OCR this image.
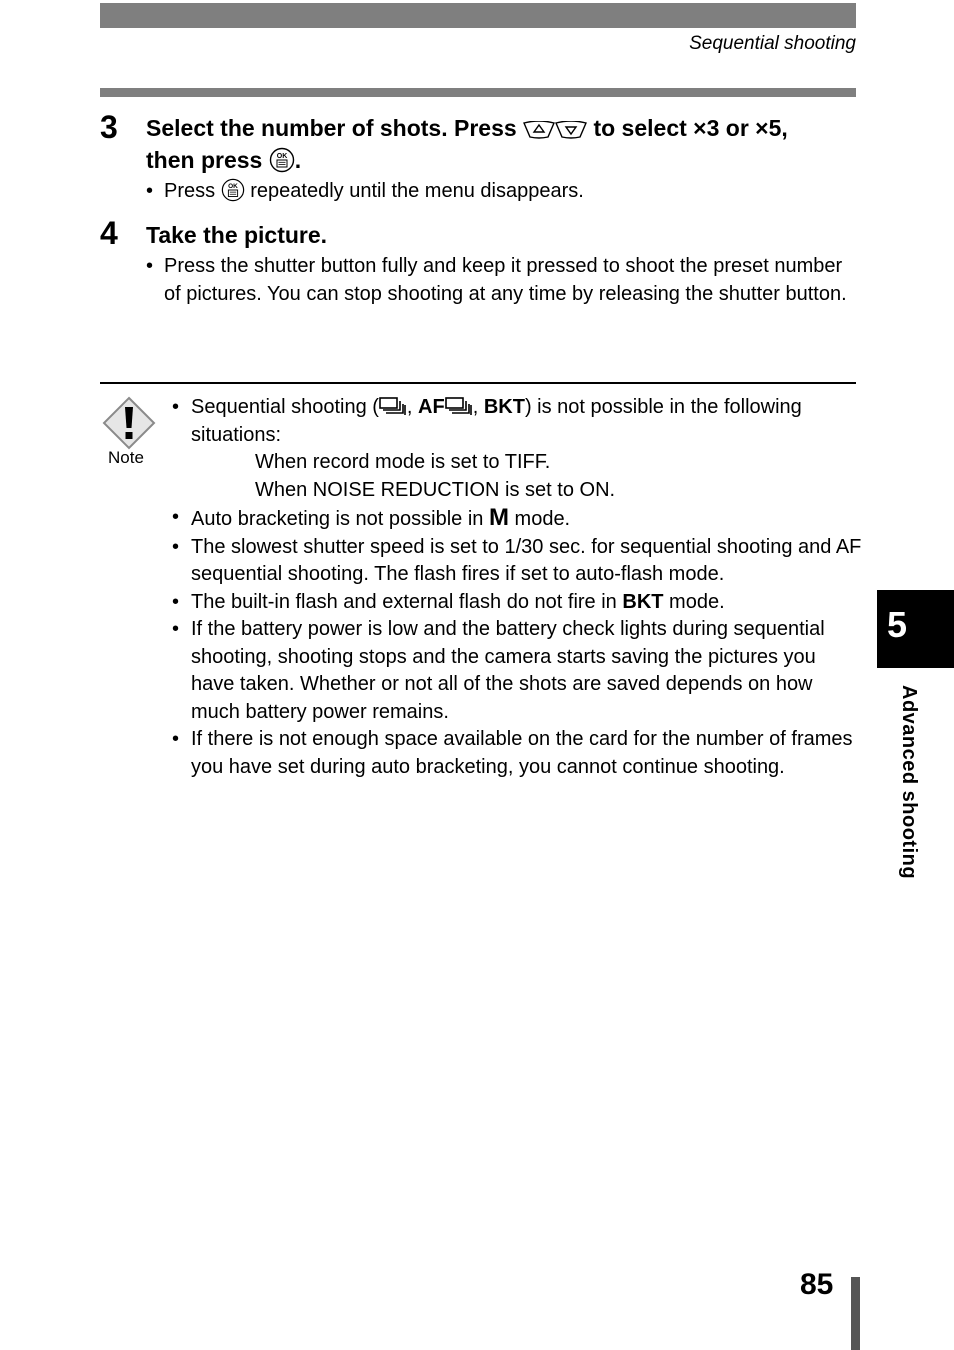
Sequential shooting
3 Select the number of shots. Press	to select ×3 or ×5,
then press OK .
• Press OK repeatedly until the menu disappears.
4 Take the picture.
• Press the shutter button fully and keep it pressed to shoot the preset number of pictures. You can stop shooting at any time by releasing the shutter button.
Note
• Sequential shooting ( , AF , BKT) is not possible in the following situations:
When record mode is set to TIFF.
When NOISE REDUCTION is set to ON.
• Auto bracketing is not possible in M mode.
• The slowest shutter speed is set to 1/30 sec. for sequential shooting and AF sequential shooting. The flash fires if set to auto-flash mode.
• The built-in flash and external flash do not fire in BKT mode.
• If the battery power is low and the battery check lights during sequential shooting, shooting stops and the camera starts saving the pictures you have taken. Whether or not all of the shots are saved depends on how much battery power remains.
• If there is not enough space available on the card for the number of frames you have set during auto bracketing, you cannot continue shooting.
5
Advanced shooting
85
